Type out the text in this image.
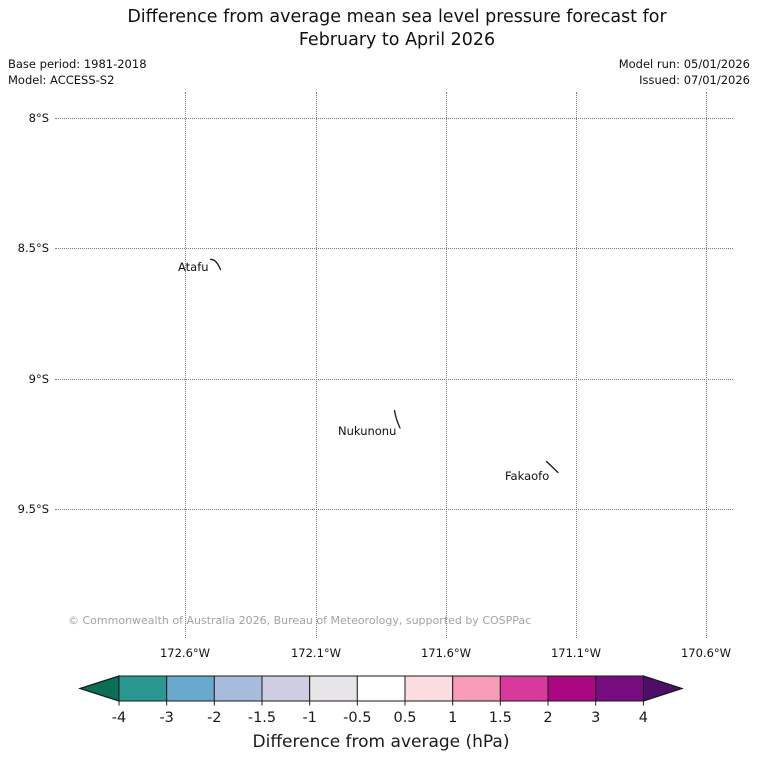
Difference from average mean sea level pressure forecast for
February to April 2026
Base period: 1981-2018
Model: ACCESS-S2
Model run: 05/01/2026
Issued: 07/01/2026
8°S
8.5°S
9°S
9.5°S
172.6°W	172.1°W	171.6°W	171.1°W	170.6°W
Atafu
Nukunonu
Fakaofo
© Commonwealth of Australia 2026, Bureau of Meteorology, supported by COSPPac
-4 -3 -2 -1.5 -1 -0.5 0.5 1 1.5 2	3	4
Difference from average (hPa)
